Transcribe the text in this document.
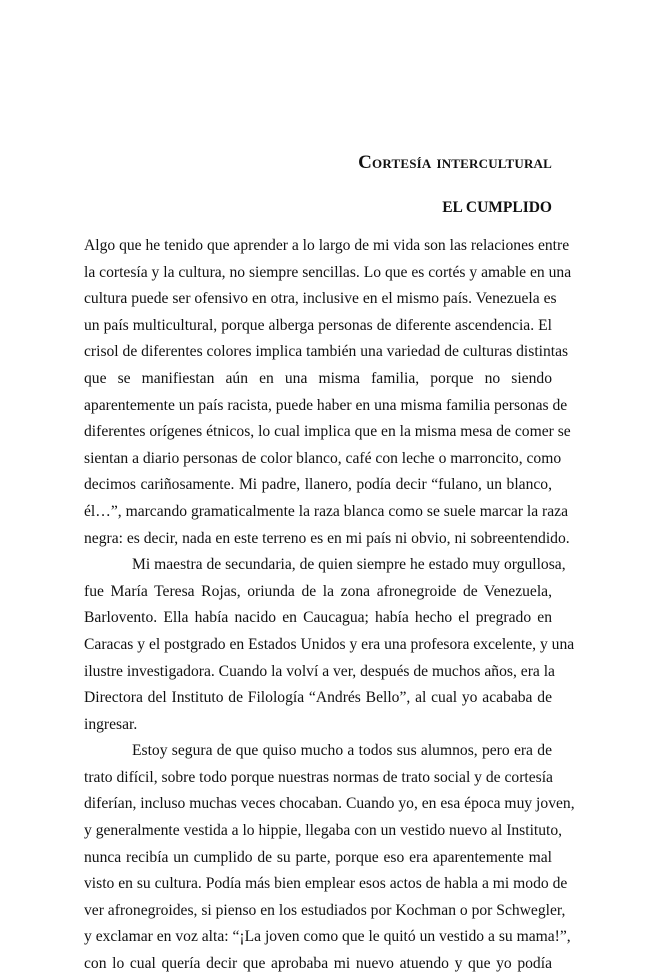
Cortesía intercultural
EL CUMPLIDO
Algo que he tenido que aprender a lo largo de mi vida son las relaciones entre
la cortesía y la cultura, no siempre sencillas. Lo que es cortés y amable en una
cultura puede ser ofensivo en otra, inclusive en el mismo país. Venezuela es
un país multicultural, porque alberga personas de diferente ascendencia. El
crisol de diferentes colores implica también una variedad de culturas distintas
que se manifiestan aún en una misma familia, porque no siendo
aparentemente un país racista, puede haber en una misma familia personas de
diferentes orígenes étnicos, lo cual implica que en la misma mesa de comer se
sientan a diario personas de color blanco, café con leche o marroncito, como
decimos cariñosamente. Mi padre, llanero, podía decir “fulano, un blanco,
él…”, marcando gramaticalmente la raza blanca como se suele marcar la raza
negra: es decir, nada en este terreno es en mi país ni obvio, ni sobreentendido.
Mi maestra de secundaria, de quien siempre he estado muy orgullosa,
fue María Teresa Rojas, oriunda de la zona afronegroide de Venezuela,
Barlovento. Ella había nacido en Caucagua; había hecho el pregrado en
Caracas y el postgrado en Estados Unidos y era una profesora excelente, y una
ilustre investigadora. Cuando la volví a ver, después de muchos años, era la
Directora del Instituto de Filología “Andrés Bello”, al cual yo acababa de
ingresar.
Estoy segura de que quiso mucho a todos sus alumnos, pero era de
trato difícil, sobre todo porque nuestras normas de trato social y de cortesía
diferían, incluso muchas veces chocaban. Cuando yo, en esa época muy joven,
y generalmente vestida a lo hippie, llegaba con un vestido nuevo al Instituto,
nunca recibía un cumplido de su parte, porque eso era aparentemente mal
visto en su cultura. Podía más bien emplear esos actos de habla a mi modo de
ver afronegroides, si pienso en los estudiados por Kochman o por Schwegler,
y exclamar en voz alta: “¡La joven como que le quitó un vestido a su mama!”,
con lo cual quería decir que aprobaba mi nuevo atuendo y que yo podía
